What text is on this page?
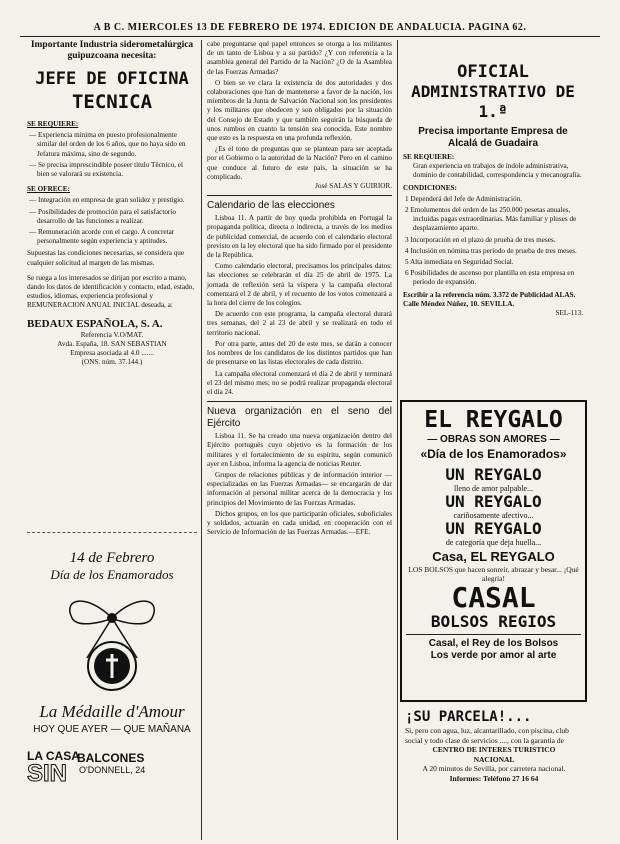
A B C. MIERCOLES 13 DE FEBRERO DE 1974. EDICION DE ANDALUCIA. PAGINA 62.

Importante Industria siderometalúrgica guipuzcoana necesita:

JEFE DE OFICINA

TECNICA

SE REQUIERE:

— Experiencia mínima en puesto profesionalmente similar del orden de los 6 años, que no haya sido en Jefatura máxima, sino de segundo.
— Se precisa imprescindible poseer título Técnico, el bien se valorará su existencia.

SE OFRECE:

— Integración en empresa de gran solidez y prestigio.
— Posibilidades de promoción para el satisfactorio desarrollo de las funciones a realizar.
— Remuneración acorde con el cargo. A concretar personalmente según experiencia y aptitudes.

Supuestas las condiciones necesarias, se considera que cualquier solicitud al margen de las mismas.

Se ruega a los interesados se dirijan por escrito a mano, dando los datos de identificación y contacto, edad, estado, estudios, idiomas, experiencia profesional y REMUNERACION ANUAL INICIAL deseada, a:

BEDAUX ESPAÑOLA, S. A.

Referencia V.O/MAT.

Avda. España, 18. SAN SEBASTIAN

Empresa asociada al 4.0 .......

(ONS. núm. 37.144.)

14 de Febrero

Día de los Enamorados

La Médaille d'Amour

HOY QUE AYER — QUE MAÑANA

LA CASA
SIN
BALCONES
O'DONNELL, 24

cabe preguntarse qué papel entonces se otorga a los militantes de un tanto de Lisboa y a su partido? ¿Y con referencia a la asamblea general del Partido de la Nación? ¿O de la Asamblea de las Fuerzas Armadas?

O bien se ve clara la existencia de dos autoridades y dos colaboraciones que han de mantenerse a favor de la nación, los miembros de la Junta de Salvación Nacional son los presidentes y los militares que obedecen y son obligados por la situación del Consejo de Estado y que también seguirán la búsqueda de unos rumbos en cuanto la tensión sea conocida. Este nombre que esto es la respuesta en una profunda reflexión.

¿Es el tono de preguntas que se plantean para ser aceptada por el Gobierno o la autoridad de la Nación? Pero en el camino que conduce al futuro de este país, la situación se ha complicado.

José SALAS Y GUIRIOR.

Calendario de las elecciones

Lisboa 11. A partir de hoy queda prohibida en Portugal la propaganda política, directa o indirecta, a través de los medios de publicidad comercial, de acuerdo con el calendario electoral previsto en la ley electoral que ha sido firmado por el presidente de la República.

Como calendario electoral, precisamos los principales datos: las elecciones se celebrarán el día 25 de abril de 1975. La jornada de reflexión será la víspera y la campaña electoral comenzará el 2 de abril, y el recuento de los votos comenzará a la hora del cierre de los colegios.

De acuerdo con este programa, la campaña electoral durará tres semanas, del 2 al 23 de abril y se realizará en todo el territorio nacional.

Por otra parte, antes del 20 de este mes, se darán a conocer los nombres de los candidatos de los distintos partidos que han de presentarse en las listas electorales de cada distrito.

La campaña electoral comenzará el día 2 de abril y terminará el 23 del mismo mes; no se podrá realizar propaganda electoral el día 24.

Nueva organización en el seno del Ejército

Lisboa 11. Se ha creado una nueva organización dentro del Ejército portugués cuyo objetivo es la formación de los militares y el fortalecimiento de su espíritu, según comunicó ayer en Lisboa, informa la agencia de noticias Reuter.

Grupos de relaciones públicas y de información interior —especializadas en las Fuerzas Armadas— se encargarán de dar información al personal militar acerca de la democracia y los principios del Movimiento de las Fuerzas Armadas.

Dichos grupos, en los que participarán oficiales, suboficiales y soldados, actuarán en cada unidad, en cooperación con el Servicio de Información de las Fuerzas Armadas.—EFE.

OFICIAL

ADMINISTRATIVO DE 1.ª

Precisa importante Empresa de Alcalá de Guadaira

SE REQUIERE:

Gran experiencia en trabajos de índole administrativa, dominio de contabilidad, correspondencia y mecanografía.

CONDICIONES:

1 Dependerá del Jefe de Administración.
2 Emolumentos del orden de las 250.000 pesetas anuales, incluidas pagas extraordinarias. Más familiar y pluses de desplazamiento aparte.
3 Incorporación en el plazo de prueba de tres meses.
4 Inclusión en nómina tras periodo de prueba de tres meses.
5 Alta inmediata en Seguridad Social.
6 Posibilidades de ascenso por plantilla en esta empresa en período de expansión.

Escribir a la referencia núm. 3.372 de Publicidad ALAS. Calle Méndez Núñez, 10. SEVILLA.

SEL-113.

EL REYGALO

— OBRAS SON AMORES —

«Día de los Enamorados»

UN REYGALO

lleno de amor palpable...

UN REYGALO

cariñosamente afectivo...

UN REYGALO

de categoría que deja huella...

Casa, EL REYGALO

LOS BOLSOS que hacen sonreír, abrazar y besar... ¡Qué alegría!

CASAL

BOLSOS REGIOS

Casal, el Rey de los Bolsos

Los verde por amor al arte

¡SU PARCELA!...

Si, pero con agua, luz, alcantarillado, con piscina, club social y todo clase de servicios ...., con la garantía de

CENTRO DE INTERES TURISTICO

NACIONAL

A 20 minutos de Sevilla, por carretera nacional.

Informes: Teléfono 27 16 64
